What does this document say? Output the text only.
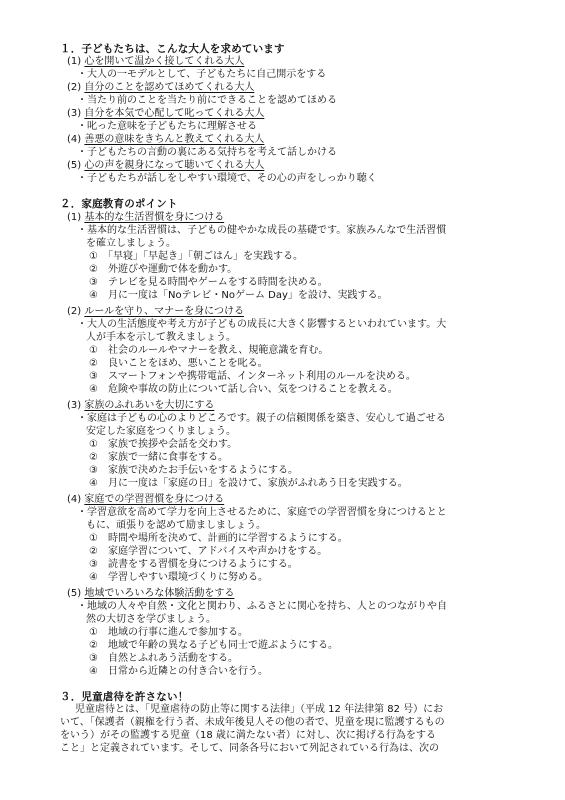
１．子どもたちは、こんな大人を求めています
(1) 心を開いて温かく接してくれる大人
・大人の一モデルとして、子どもたちに自己開示をする
(2) 自分のことを認めてほめてくれる大人
・当たり前のことを当たり前にできることを認めてほめる
(3) 自分を本気で心配して叱ってくれる大人
・叱った意味を子どもたちに理解させる
(4) 善悪の意味をきちんと教えてくれる大人
・子どもたちの言動の裏にある気持ちを考えて話しかける
(5) 心の声を親身になって聴いてくれる大人
・子どもたちが話しをしやすい環境で、その心の声をしっかり聴く
２．家庭教育のポイント
(1) 基本的な生活習慣を身につける
・基本的な生活習慣は、子どもの健やかな成長の基礎です。家族みんなで生活習慣
を確立しましょう。
①　「早寝」「早起き」「朝ごはん」を実践する。
②　外遊びや運動で体を動かす。
③　テレビを見る時間やゲームをする時間を決める。
④　月に一度は「Noテレビ・Noゲーム Day」を設け、実践する。
(2) ルールを守り、マナーを身につける
・大人の生活態度や考え方が子どもの成長に大きく影響するといわれています。大
人が手本を示して教えましょう。
①　社会のルールやマナーを教え、規範意識を育む。
②　良いことをほめ、悪いことを叱る。
③　スマートフォンや携帯電話、インターネット利用のルールを決める。
④　危険や事故の防止について話し合い、気をつけることを教える。
(3) 家族のふれあいを大切にする
・家庭は子どもの心のよりどころです。親子の信頼関係を築き、安心して過ごせる
安定した家庭をつくりましょう。
①　家族で挨拶や会話を交わす。
②　家族で一緒に食事をする。
③　家族で決めたお手伝いをするようにする。
④　月に一度は「家庭の日」を設けて、家族がふれあう日を実践する。
(4) 家庭での学習習慣を身につける
・学習意欲を高めて学力を向上させるために、家庭での学習習慣を身につけるとと
もに、頑張りを認めて励ましましょう。
①　時間や場所を決めて、計画的に学習するようにする。
②　家庭学習について、アドバイスや声かけをする。
③　読書をする習慣を身につけるようにする。
④　学習しやすい環境づくりに努める。
(5) 地域でいろいろな体験活動をする
・地域の人々や自然・文化と関わり、ふるさとに関心を持ち、人とのつながりや自
然の大切さを学びましょう。
①　地域の行事に進んで参加する。
②　地域で年齢の異なる子ども同士で遊ぶようにする。
③　自然とふれあう活動をする。
④　日常から近隣との付き合いを行う。
３．児童虐待を許さない！
児童虐待とは、「児童虐待の防止等に関する法律」（平成 12 年法律第 82 号）にお
いて、「保護者（親権を行う者、未成年後見人その他の者で、児童を現に監護するもの
をいう）がその監護する児童（18 歳に満たない者）に対し、次に掲げる行為をする
こと」と定義されています。そして、同条各号において列記されている行為は、次の
